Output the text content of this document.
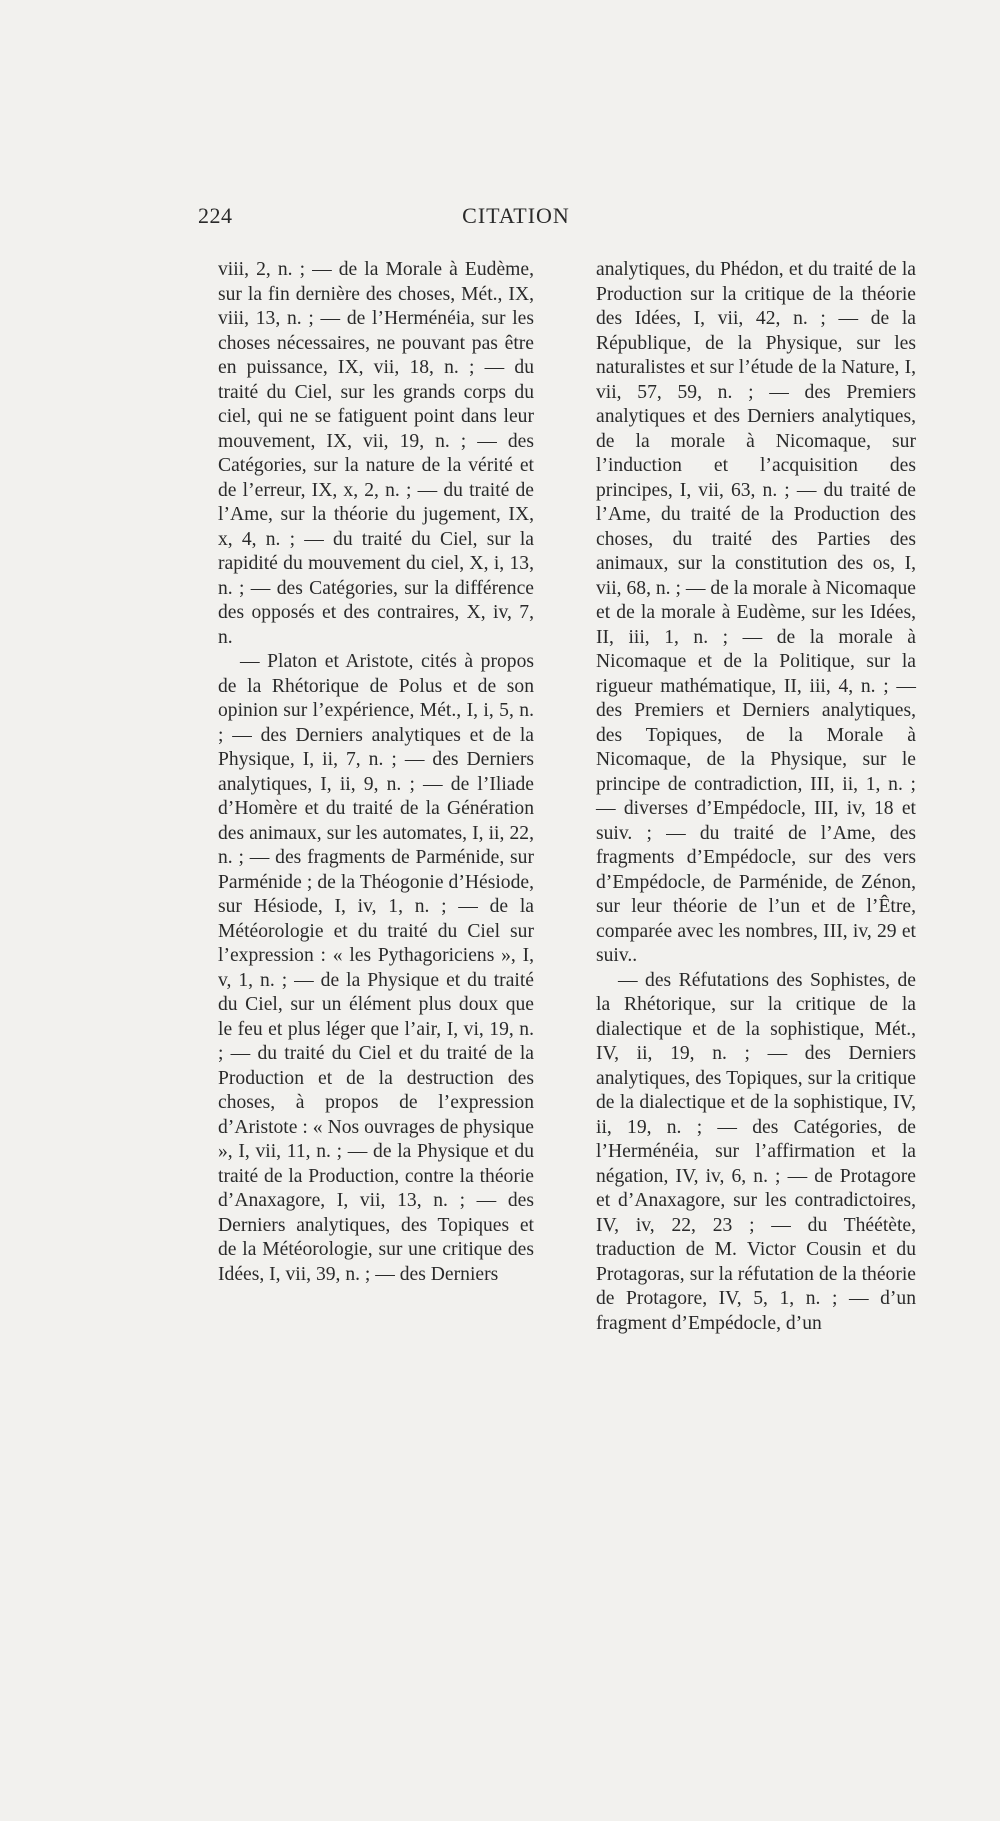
224	CITATION

viii, 2, n. ; — de la Morale à Eudème, sur la fin dernière des choses, Mét., IX, viii, 13, n. ; — de l’Herménéia, sur les choses nécessaires, ne pouvant pas être en puissance, IX, vii, 18, n. ; — du traité du Ciel, sur les grands corps du ciel, qui ne se fatiguent point dans leur mouvement, IX, vii, 19, n. ; — des Catégories, sur la nature de la vérité et de l’erreur, IX, x, 2, n. ; — du traité de l’Ame, sur la théorie du jugement, IX, x, 4, n. ; — du traité du Ciel, sur la rapidité du mouvement du ciel, X, i, 13, n. ; — des Catégories, sur la différence des opposés et des contraires, X, iv, 7, n.

— Platon et Aristote, cités à propos de la Rhétorique de Polus et de son opinion sur l’expérience, Mét., I, i, 5, n. ; — des Derniers analytiques et de la Physique, I, ii, 7, n. ; — des Derniers analytiques, I, ii, 9, n. ; — de l’Iliade d’Homère et du traité de la Génération des animaux, sur les automates, I, ii, 22, n. ; — des fragments de Parménide, sur Parménide ; de la Théogonie d’Hésiode, sur Hésiode, I, iv, 1, n. ; — de la Météorologie et du traité du Ciel sur l’expression : « les Pythagoriciens », I, v, 1, n. ; — de la Physique et du traité du Ciel, sur un élément plus doux que le feu et plus léger que l’air, I, vi, 19, n. ; — du traité du Ciel et du traité de la Production et de la destruction des choses, à propos de l’expression d’Aristote : « Nos ouvrages de physique », I, vii, 11, n. ; — de la Physique et du traité de la Production, contre la théorie d’Anaxagore, I, vii, 13, n. ; — des Derniers analytiques, des Topiques et de la Météorologie, sur une critique des Idées, I, vii, 39, n. ; — des Derniers

analytiques, du Phédon, et du traité de la Production sur la critique de la théorie des Idées, I, vii, 42, n. ; — de la République, de la Physique, sur les naturalistes et sur l’étude de la Nature, I, vii, 57, 59, n. ; — des Premiers analytiques et des Derniers analytiques, de la morale à Nicomaque, sur l’induction et l’acquisition des principes, I, vii, 63, n. ; — du traité de l’Ame, du traité de la Production des choses, du traité des Parties des animaux, sur la constitution des os, I, vii, 68, n. ; — de la morale à Nicomaque et de la morale à Eudème, sur les Idées, II, iii, 1, n. ; — de la morale à Nicomaque et de la Politique, sur la rigueur mathématique, II, iii, 4, n. ; — des Premiers et Derniers analytiques, des Topiques, de la Morale à Nicomaque, de la Physique, sur le principe de contradiction, III, ii, 1, n. ; — diverses d’Empédocle, III, iv, 18 et suiv. ; — du traité de l’Ame, des fragments d’Empédocle, sur des vers d’Empédocle, de Parménide, de Zénon, sur leur théorie de l’un et de l’Être, comparée avec les nombres, III, iv, 29 et suiv..

— des Réfutations des Sophistes, de la Rhétorique, sur la critique de la dialectique et de la sophistique, Mét., IV, ii, 19, n. ; — des Derniers analytiques, des Topiques, sur la critique de la dialectique et de la sophistique, IV, ii, 19, n. ; — des Catégories, de l’Herménéia, sur l’affirmation et la négation, IV, iv, 6, n. ; — de Protagore et d’Anaxagore, sur les contradictoires, IV, iv, 22, 23 ; — du Théétète, traduction de M. Victor Cousin et du Protagoras, sur la réfutation de la théorie de Protagore, IV, 5, 1, n. ; — d’un fragment d’Empédocle, d’un
